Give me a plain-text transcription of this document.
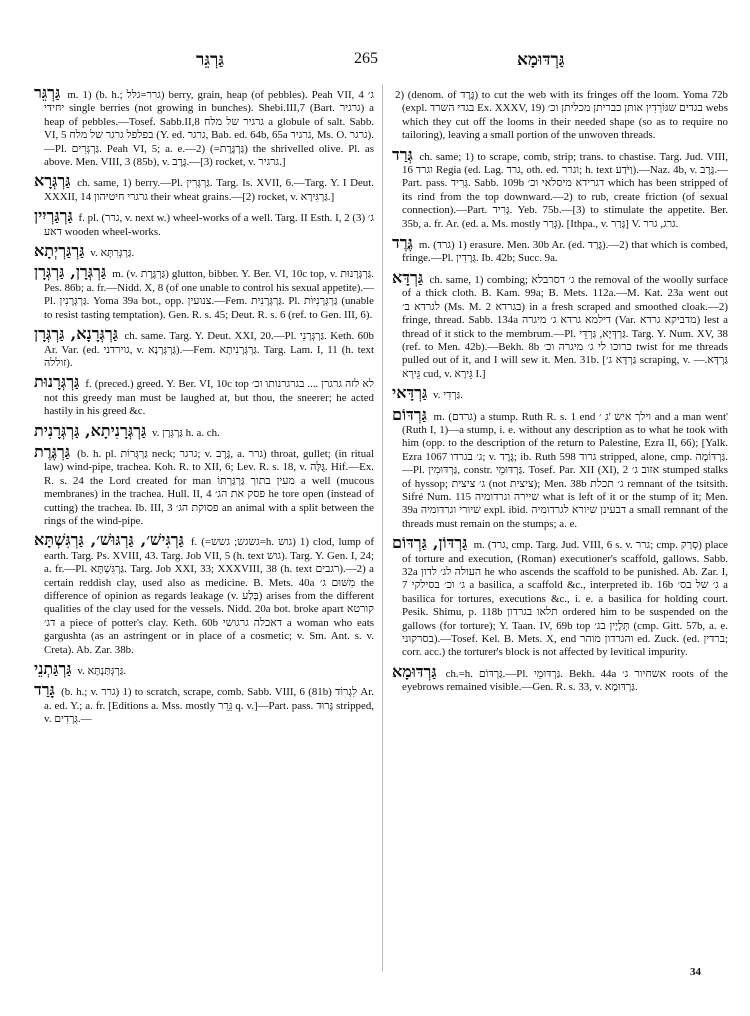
גַּרְגֵּר	265	גַּרְדּוּמָא
גַּרְגֵּר m. 1) (b. h.; גרר=גלל) berry, grain, heap (of pebbles). Peah VII, 4 ג׳ יחידי single berries (not growing in bunches). Shebi.III,7 (Bart. גרגיר) a heap of pebbles.—Tosef. Sabb.II,8 גרגיר של מלח a globule of salt. Sabb. VI, 5 בפלפל גרגר של מלח (Y. ed. גרגר, Bab. ed. 64b, 65a גרגיר, Ms. O. גרגר).—Pl. גַּרְגְּרִים. Peah VI, 5; a. e.—2) (=גַּרְגֶּרֶת) the shrivelled olive. Pl. as above. Men. VIII, 3 (85b), v. גֶּרֶב.—[3) rocket, v. גרגיר.]
גַּרְגְּרָא ch. same, 1) berry.—Pl. גַּרְגְּרִין. Targ. Is. XVII, 6.—Targ. Y. I Deut. XXXII, 14 גרגרי חיטיהון their wheat grains.—[2) rocket, v. גַּרְגִּירָא.]
גַּרְגַּרְיִין f. pl. (גרר, v. next w.) wheel-works of a well. Targ. II Esth. I, 2 (3) ג׳ דאע wooden wheel-works.
גַּרְגַּרְיְתָא v. גַּרְגְּרִתָּא.
גַּרְגְּרָן, גַּרְגְּרָן m. (v. גַּרְגֶּרֶת) glutton, bibber. Y. Ber. VI, 10c top, v. גַּרְגְּרָנוּת. Pes. 86b; a. fr.—Nidd. X, 8 (of one unable to control his sexual appetite).—Pl. גַּרְגְּרָנִין. Yoma 39a bot., opp. צנועין.—Fem. גַּרְגְּרָנִית. Pl. גַּרְגְּרָנִיּוֹת (unable to resist tasting temptation). Gen. R. s. 45; Deut. R. s. 6 (ref. to Gen. III, 6).
גַּרְגְּרָנָא, גַּרְגְּרָן ch. same. Targ. Y. Deut. XXI, 20.—Pl. גַּרְגְּרָנֵי. Keth. 60b Ar. Var. (ed. גוירדני, v. גַּרְגְּרָנָא).—Fem. גַּרְגְּרָנִיתָא. Targ. Lam. I, 11 (h. text זוללה).
גַּרְגְּרָנוּת f. (preced.) greed. Y. Ber. VI, 10c top לא לזה גרגרן .... בגרגרנותו וכ׳ not this greedy man must be laughed at, but thou, the sneerer; he acted hastily in his greed &c.
גַּרְגְּרָנִיתָא, גַּרְגְּרָנִית v. גַּרְגְּרָן h. a. ch.
גַּרְגֶּרֶת (b. h. pl. גַּרְגְּרוֹת neck; גרגר; v. גֶּרֶב, a. גרר) throat, gullet; (in ritual law) wind-pipe, trachea. Koh. R. to XII, 6; Lev. R. s. 18, v. גֻּלָּה. Hif.—Ex. R. s. 24 the Lord created for man מעין בתוך גַּרְגַּרְתּוֹ a well (mucous membranes) in the trachea. Hull. II, 4 פסק את הג׳ he tore open (instead of cutting) the trachea. Ib. III, 3 פסוקת הג׳ an animal with a split between the rings of the wind-pipe.
גַּרְגִּישׁ׳, גַּרְגּוּשׁ׳, גַּרְגִּשְׁתָּא f. (=גשגש; גשש=h. גוש) 1) clod, lump of earth. Targ. Ps. XVIII, 43. Targ. Job VII, 5 (h. text גוש). Targ. Y. Gen. I, 24; a. fr.—Pl. גַּרְגִּשְׁתָּא. Targ. Job XXI, 33; XXXVIII, 38 (h. text רגבים).—2) a certain reddish clay, used also as medicine. B. Mets. 40a מִשּׁוּם ג׳ the difference of opinion as regards leakage (v. בְּלַע) arises from the different qualities of the clay used for the vessels. Nidd. 20a bot. broke apart קורטא דג׳ a piece of potter's clay. Keth. 60b דאכלה גרגושי a woman who eats gargushta (as an astringent or in place of a cosmetic; v. Sm. Ant. s. v. Creta). Ab. Zar. 38b.
גַּרְגַּתְנֵי v. גַּרְגְּתַּנְתָּא.
גָּרַד (b. h.; v. גרר) 1) to scratch, scrape, comb. Sabb. VIII, 6 (81b) לִגְרוֹד Ar. a. ed. Y.; a. fr. [Editions a. Mss. mostly גֵּרֵר q. v.]—Part. pass. גָּרוּד stripped, v. גְּרָדִים.—
2) (denom. of גֶּרֶד) to cut the web with its fringes off the loom. Yoma 72b (expl. בגדי השרד Ex. XXXV, 19) בגדים שגּוֹרְדִין אותן כבריתן מכליתן וכ׳ webs which they cut off the looms in their needed shape (so as to require no tailoring), leaving a small portion of the unwoven threads.
גְּרַד ch. same; 1) to scrape, comb, strip; trans. to chastise. Targ. Jud. VIII, 16 וגרד Regia (ed. Lag. גרד, oth. ed. וגרר; h. text וַיֹּדַע).—Naz. 4b, v. גֶּרֶב.—Part. pass. גְּרִיד. Sabb. 109b דגרידא מיסלאי וכ׳ which has been stripped of its rind from the top downward.—2) to rub, create friction (of sexual connection).—Part. גָּרִיד. Yeb. 75b.—[3) to stimulate the appetite. Ber. 35b, a. fr. Ar. (ed. a. Ms. mostly גְּרַר). [Ithpa., v. גָּרַר] V. גרג, גרר.
גֶּרֶד m. (גרד) 1) erasure. Men. 30b Ar. (ed. גֶּרַד).—2) that which is combed, fringe.—Pl. גְּרָדִין. Ib. 42b; Succ. 9a.
גַּרְדָּא ch. same, 1) combing; ג׳ דסרבלא the removal of the woolly surface of a thick cloth. B. Kam. 99a; B. Mets. 112a.—M. Kat. 23a went out לגרדא ב׳ (Ms. M. 2 בגרדא) in a fresh scraped and smoothed cloak.—2) fringe, thread. Sabb. 134a דילמא גרדא ג׳ מיגרה (Var. מדביקא גרדא) lest a thread of it stick to the membrum.—Pl. גַּרְדְּיָא, גַּרְדֵּי. Targ. Y. Num. XV, 38 (ref. to Men. 42b).—Bekh. 8b כרוכו לי ג׳ מיגרה וכ׳ twist for me threads pulled out of it, and I will sew it. Men. 31b. [גַּרְדָּא ג׳ scraping, v. גַּרְדָּא.—גֵּירָא cud, v. גֵּירָא I.]
גַּרְדָּאי v. גַּרְדִי.
גַּרְדּוֹם m. (גרדם) a stump. Ruth R. s. 1 end וילך איש 'ג ׳ and a man went' (Ruth I, 1)—a stump, i. e. without any description as to what he took with him (opp. to the description of the return to Palestine, Ezra II, 66); [Yalk. Ezra 1067 ג׳ בגרדו; v. גֶּרֶד; ib. Ruth 598 גרוד stripped, alone, cmp. גַּרְדּוֹמָה.—Pl. גַּרְדּוּמִין, constr. גַּרְדּוּמֵי. Tosef. Par. XII (XI), 2 אזוב ג׳ stumped stalks of hyssop; ג׳ ציצית (not ציצית); Men. 38b ג׳ תכלת remnant of the tsitsith. Sifré Num. 115 שיירה וגרדומיה what is left of it or the stump of it; Men. 39a שיורי וגרדומיה expl. ibid. דבעינן שיורא לגרדומיה a small remnant of the threads must remain on the stumps; a. e.
גַּרְדּוֹן, גַּרְדּוֹם m. (גרד, cmp. Targ. Jud. VIII, 6 s. v. גרר; cmp. סְרַק) place of torture and execution, (Roman) executioner's scaffold, gallows. Sabb. 32a העולה לג׳ לדון he who ascends the scaffold to be punished. Ab. Zar. I, 7 ג׳ וכ׳ בסילקי a basilica, a scaffold &c., interpreted ib. 16b ג׳ של בס׳ a basilica for tortures, executions &c., i. e. a basilica for holding court. Pesik. Shimu, p. 118b תלאו בגרדון ordered him to be suspended on the gallows (for torture); Y. Taan. IV, 69b top תְּלָיָין בג׳ (cmp. Gitt. 57b, a. e. בסרקוני).—Tosef. Kel. B. Mets. X, end והגרדון מוהר ed. Zuck. (ed. ברדין; corr. acc.) the torturer's block is not affected by levitical impurity.
גַּרְדּוּמָא ch.=h. גַּרְדּוֹם.—Pl. גַּרְדּוּמֵי. Bekh. 44a אשחיור ג׳ roots of the eyebrows remained visible.—Gen. R. s. 33, v. גַּרְדּוּמָא.
34
